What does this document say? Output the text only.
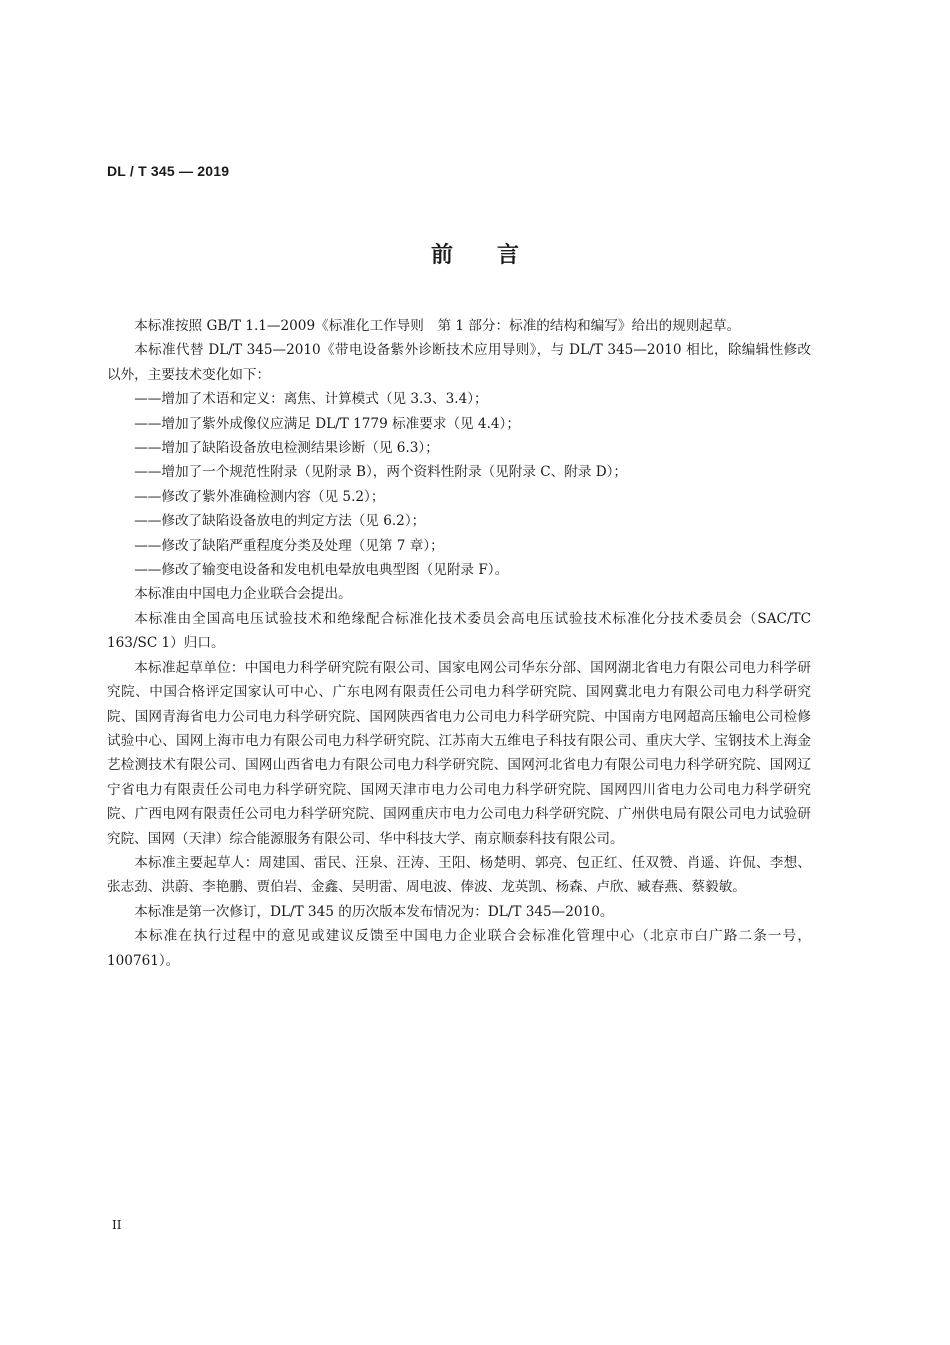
DL / T 345 — 2019
前言

本标准按照 GB/T 1.1—2009《标准化工作导则　第 1 部分：标准的结构和编写》给出的规则起草。

本标准代替 DL/T 345—2010《带电设备紫外诊断技术应用导则》，与 DL/T 345—2010 相比，除编辑性修改以外，主要技术变化如下：

——增加了术语和定义：离焦、计算模式（见 3.3、3.4）；

——增加了紫外成像仪应满足 DL/T 1779 标准要求（见 4.4）；

——增加了缺陷设备放电检测结果诊断（见 6.3）；

——增加了一个规范性附录（见附录 B），两个资料性附录（见附录 C、附录 D）；

——修改了紫外准确检测内容（见 5.2）；

——修改了缺陷设备放电的判定方法（见 6.2）；

——修改了缺陷严重程度分类及处理（见第 7 章）；

——修改了输变电设备和发电机电晕放电典型图（见附录 F）。

本标准由中国电力企业联合会提出。

本标准由全国高电压试验技术和绝缘配合标准化技术委员会高电压试验技术标准化分技术委员会（SAC/TC 163/SC 1）归口。

本标准起草单位：中国电力科学研究院有限公司、国家电网公司华东分部、国网湖北省电力有限公司电力科学研究院、中国合格评定国家认可中心、广东电网有限责任公司电力科学研究院、国网冀北电力有限公司电力科学研究院、国网青海省电力公司电力科学研究院、国网陕西省电力公司电力科学研究院、中国南方电网超高压输电公司检修试验中心、国网上海市电力有限公司电力科学研究院、江苏南大五维电子科技有限公司、重庆大学、宝钢技术上海金艺检测技术有限公司、国网山西省电力有限公司电力科学研究院、国网河北省电力有限公司电力科学研究院、国网辽宁省电力有限责任公司电力科学研究院、国网天津市电力公司电力科学研究院、国网四川省电力公司电力科学研究院、广西电网有限责任公司电力科学研究院、国网重庆市电力公司电力科学研究院、广州供电局有限公司电力试验研究院、国网（天津）综合能源服务有限公司、华中科技大学、南京顺泰科技有限公司。

本标准主要起草人：周建国、雷民、汪泉、汪涛、王阳、杨楚明、郭亮、包正红、任双赞、肖遥、许侃、李想、张志劲、洪蔚、李艳鹏、贾伯岩、金鑫、吴明雷、周电波、俸波、龙英凯、杨森、卢欣、臧春燕、蔡毅敏。

本标准是第一次修订，DL/T 345 的历次版本发布情况为：DL/T 345—2010。

本标准在执行过程中的意见或建议反馈至中国电力企业联合会标准化管理中心（北京市白广路二条一号，100761）。

II
